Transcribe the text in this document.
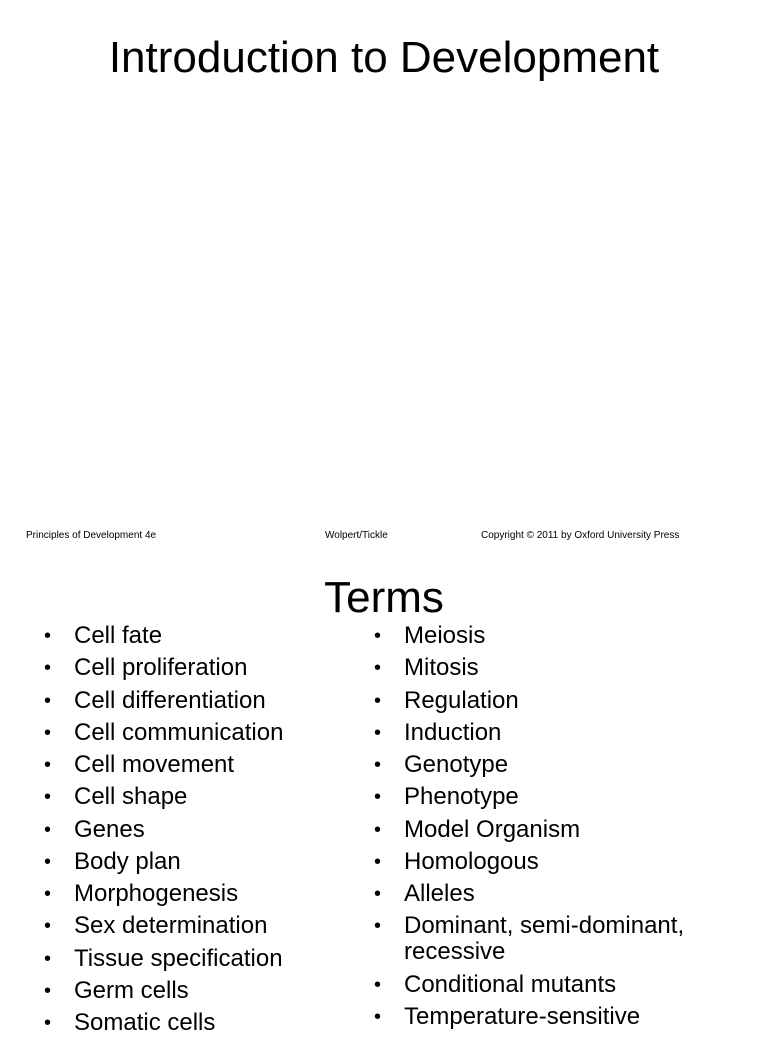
Introduction to Development
Principles of Development 4e	Wolpert/Tickle	Copyright © 2011 by Oxford University Press
Terms
• Cell fate
• Cell proliferation
• Cell differentiation
• Cell communication
• Cell movement
• Cell shape
• Genes
• Body plan
• Morphogenesis
• Sex determination
• Tissue specification
• Germ cells
• Somatic cells
• Meiosis
• Mitosis
• Regulation
• Induction
• Genotype
• Phenotype
• Model Organism
• Homologous
• Alleles
• Dominant, semi-dominant, recessive
• Conditional mutants
• Temperature-sensitive
